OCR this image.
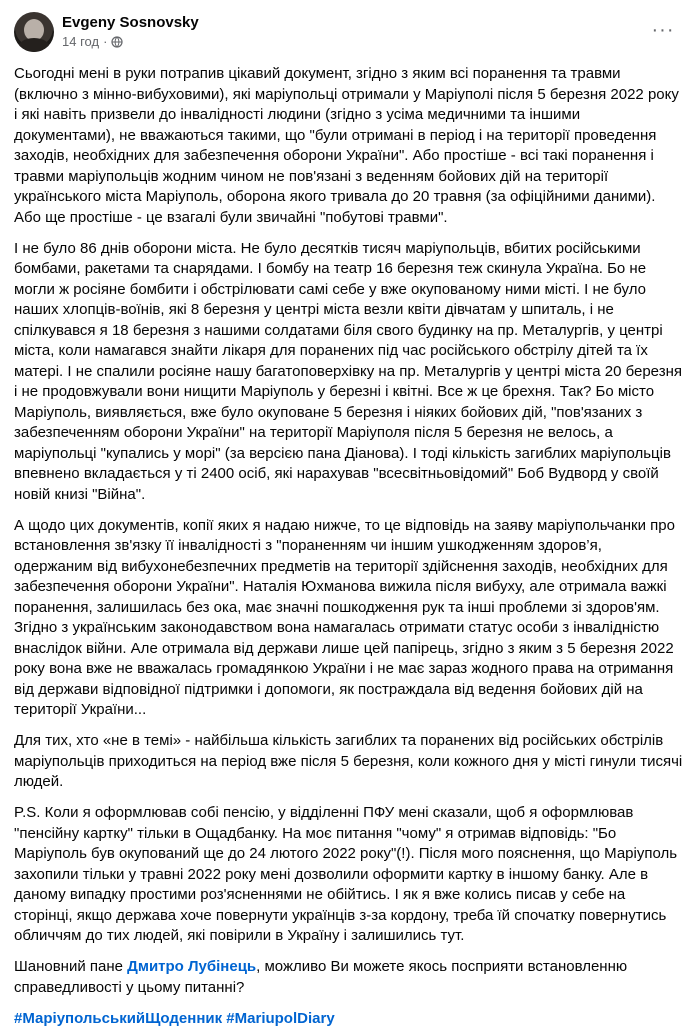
Evgeny Sosnovsky
14 год ·
···

Сьогодні мені в руки потрапив цікавий документ, згідно з яким всі поранення та травми (включно з мінно-вибуховими), які маріупольці отримали у Маріуполі після 5 березня 2022 року і які навіть призвели до інвалідності людини (згідно з усіма медичними та іншими документами), не вважаються такими, що "були отримані в період і на території проведення заходів, необхідних для забезпечення оборони України". Або простіше - всі такі поранення і травми маріупольців жодним чином не пов'язані з веденням бойових дій на території українського міста Маріуполь, оборона якого тривала до 20 травня (за офіційними даними). Або ще простіше - це взагалі були звичайні "побутові травми".

І не було 86 днів оборони міста. Не було десятків тисяч маріупольців, вбитих російськими бомбами, ракетами та снарядами. І бомбу на театр 16 березня теж скинула Україна. Бо не могли ж росіяне бомбити і обстрілювати самі себе у вже окупованому ними місті. І не було наших хлопців-воїнів, які 8 березня у центрі міста везли квіти дівчатам у шпиталь, і не спілкувався я 18 березня з нашими солдатами біля свого будинку на пр. Металургів, у центрі міста, коли намагався знайти лікаря для поранених під час російського обстрілу дітей та їх матері. І не спалили росіяне нашу багатоповерхівку на пр. Металургів у центрі міста 20 березня і не продовжували вони нищити Маріуполь у березні і квітні. Все ж це брехня. Так? Бо місто Маріуполь, виявляється, вже було окуповане 5 березня і ніяких бойових дій, "пов'язаних з забезпеченням оборони України" на території Маріуполя після 5 березня не велось, а маріупольці "купались у морі" (за версією пана Діанова). І тоді кількість загиблих маріупольців впевнено вкладається у ті 2400 осіб, які нарахував "всесвітньовідомий" Боб Вудворд у своїй новій книзі "Війна".

А щодо цих документів, копії яких я надаю нижче, то це відповідь на заяву маріупольчанки про встановлення зв'язку її інвалідності з "пораненням чи іншим ушкодженням здоров’я, одержаним від вибухонебезпечних предметів на території здійснення заходів, необхідних для забезпечення оборони України". Наталія Юхманова вижила після вибуху, але отримала важкі поранення, залишилась без ока, має значні пошкодження рук та інші проблеми зі здоров'ям. Згідно з українським законодавством вона намагалась отримати статус особи з інвалідністю внаслідок війни. Але отримала від держави лише цей папірець, згідно з яким з 5 березня 2022 року вона вже не вважалась громадянкою України і не має зараз жодного права на отримання від держави відповідної підтримки і допомоги, як постраждала від ведення бойових дій на території України...

Для тих, хто «не в темі» - найбільша кількість загиблих та поранених від російських обстрілів маріупольців приходиться на період вже після 5 березня, коли кожного дня у місті гинули тисячі людей.

P.S. Коли я оформлював собі пенсію, у відділенні ПФУ мені сказали, щоб я оформлював "пенсійну картку" тільки в Ощадбанку. На моє питання "чому" я отримав відповідь: "Бо Маріуполь був окупований ще до 24 лютого 2022 року"(!). Після мого пояснення, що Маріуполь захопили тільки у травні 2022 року мені дозволили оформити картку в іншому банку. Але в даному випадку простими роз'ясненнями не обійтись. І як я вже колись писав у себе на сторінці, якщо держава хоче повернути українців з-за кордону, треба їй спочатку повернутись обличчям до тих людей, які повірили в Україну і залишились тут.

Шановний пане Дмитро Лубінець, можливо Ви можете якось посприяти встановленню справедливості у цьому питанні?

#МаріупольськийЩоденник #MariupolDiary
